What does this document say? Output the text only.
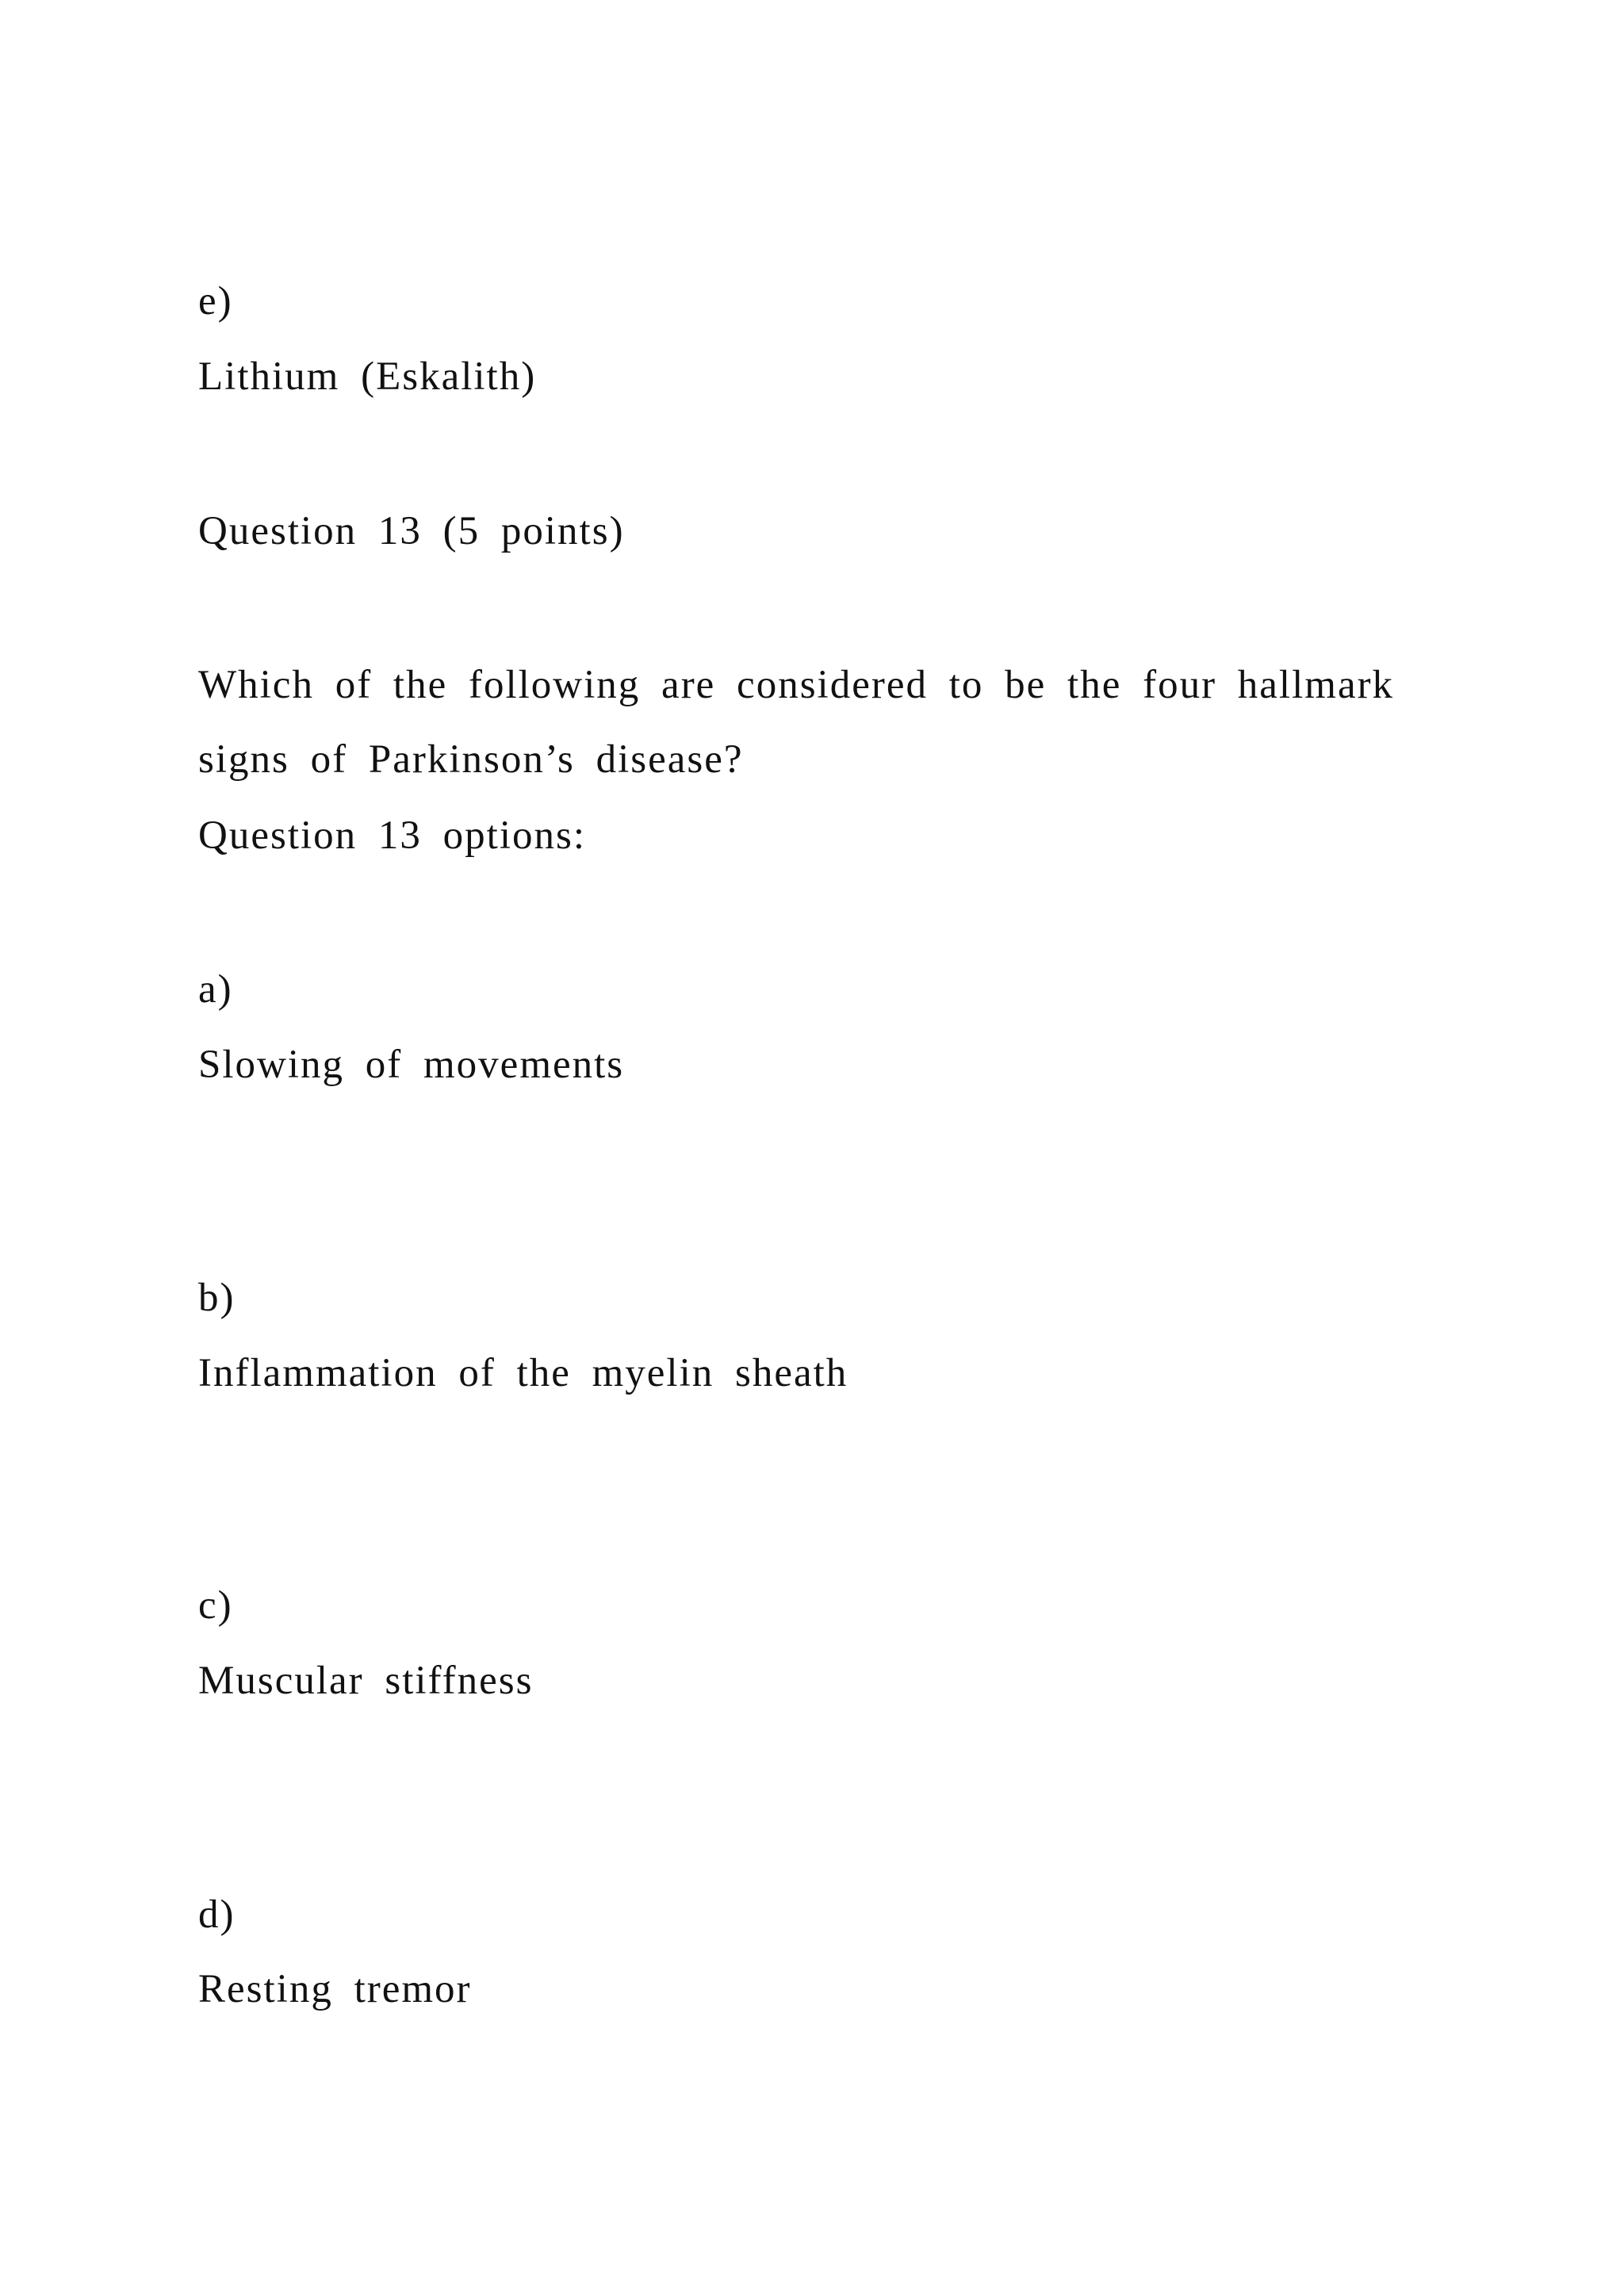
e)

Lithium (Eskalith)

Question 13 (5 points)

Which of the following are considered to be the four hallmark

signs of Parkinson’s disease?

Question 13 options:

a)

Slowing of movements

b)

Inflammation of the myelin sheath

c)

Muscular stiffness

d)

Resting tremor
